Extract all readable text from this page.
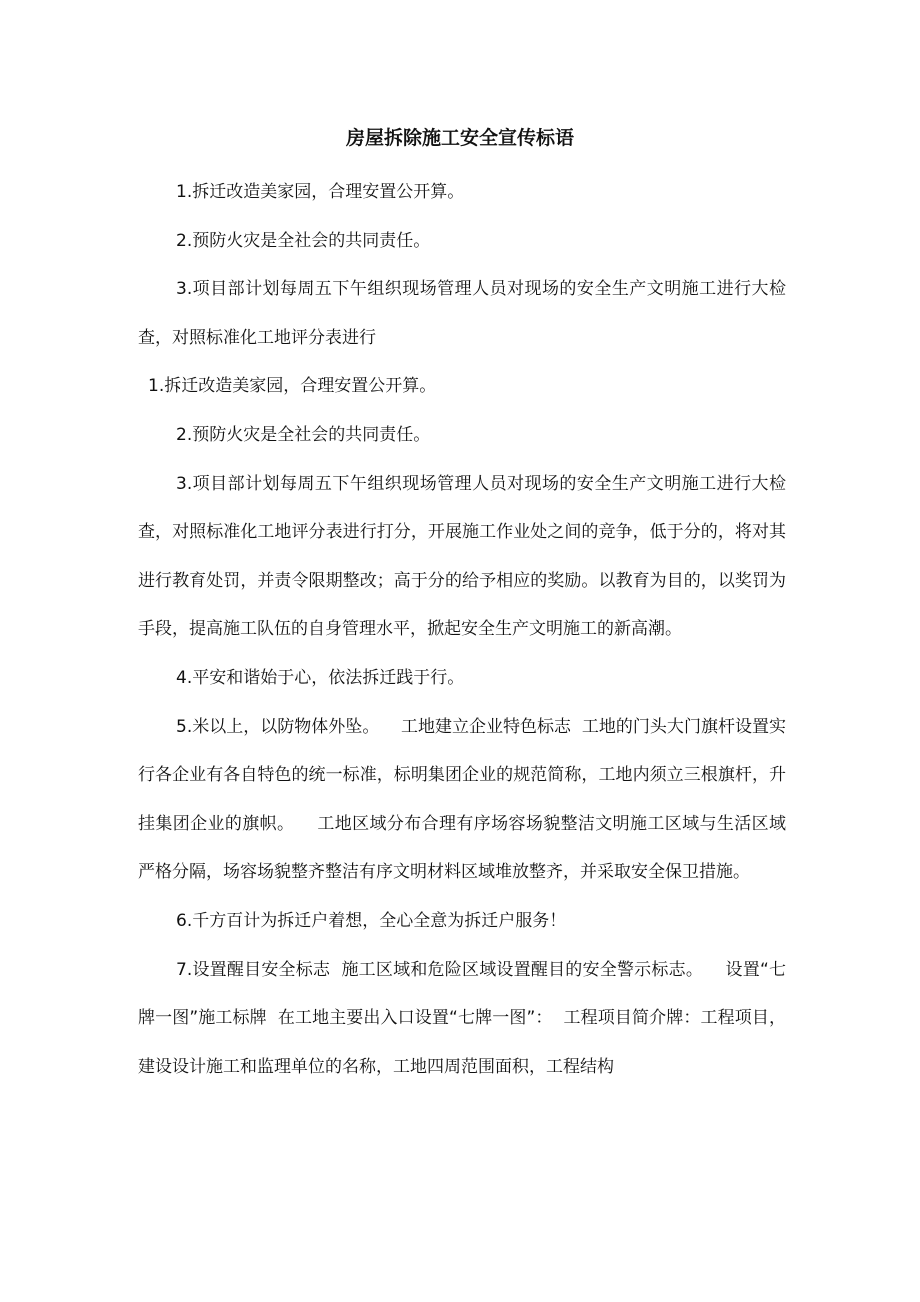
房屋拆除施工安全宣传标语

1.拆迁改造美家园，合理安置公开算。

2.预防火灾是全社会的共同责任。

3.项目部计划每周五下午组织现场管理人员对现场的安全生产文明施工进行大检查，对照标准化工地评分表进行

1.拆迁改造美家园，合理安置公开算。

2.预防火灾是全社会的共同责任。

3.项目部计划每周五下午组织现场管理人员对现场的安全生产文明施工进行大检查，对照标准化工地评分表进行打分，开展施工作业处之间的竞争，低于分的，将对其进行教育处罚，并责令限期整改；高于分的给予相应的奖励。以教育为目的，以奖罚为手段，提高施工队伍的自身管理水平，掀起安全生产文明施工的新高潮。

4.平安和谐始于心，依法拆迁践于行。

5.米以上，以防物体外坠。    工地建立企业特色标志  工地的门头大门旗杆设置实行各企业有各自特色的统一标准，标明集团企业的规范简称，工地内须立三根旗杆，升挂集团企业的旗帜。    工地区域分布合理有序场容场貌整洁文明施工区域与生活区域严格分隔，场容场貌整齐整洁有序文明材料区域堆放整齐，并采取安全保卫措施。

6.千方百计为拆迁户着想，全心全意为拆迁户服务！

7.设置醒目安全标志  施工区域和危险区域设置醒目的安全警示标志。    设置“七牌一图”施工标牌  在工地主要出入口设置“七牌一图”：  工程项目简介牌：工程项目，建设设计施工和监理单位的名称，工地四周范围面积，工程结构
